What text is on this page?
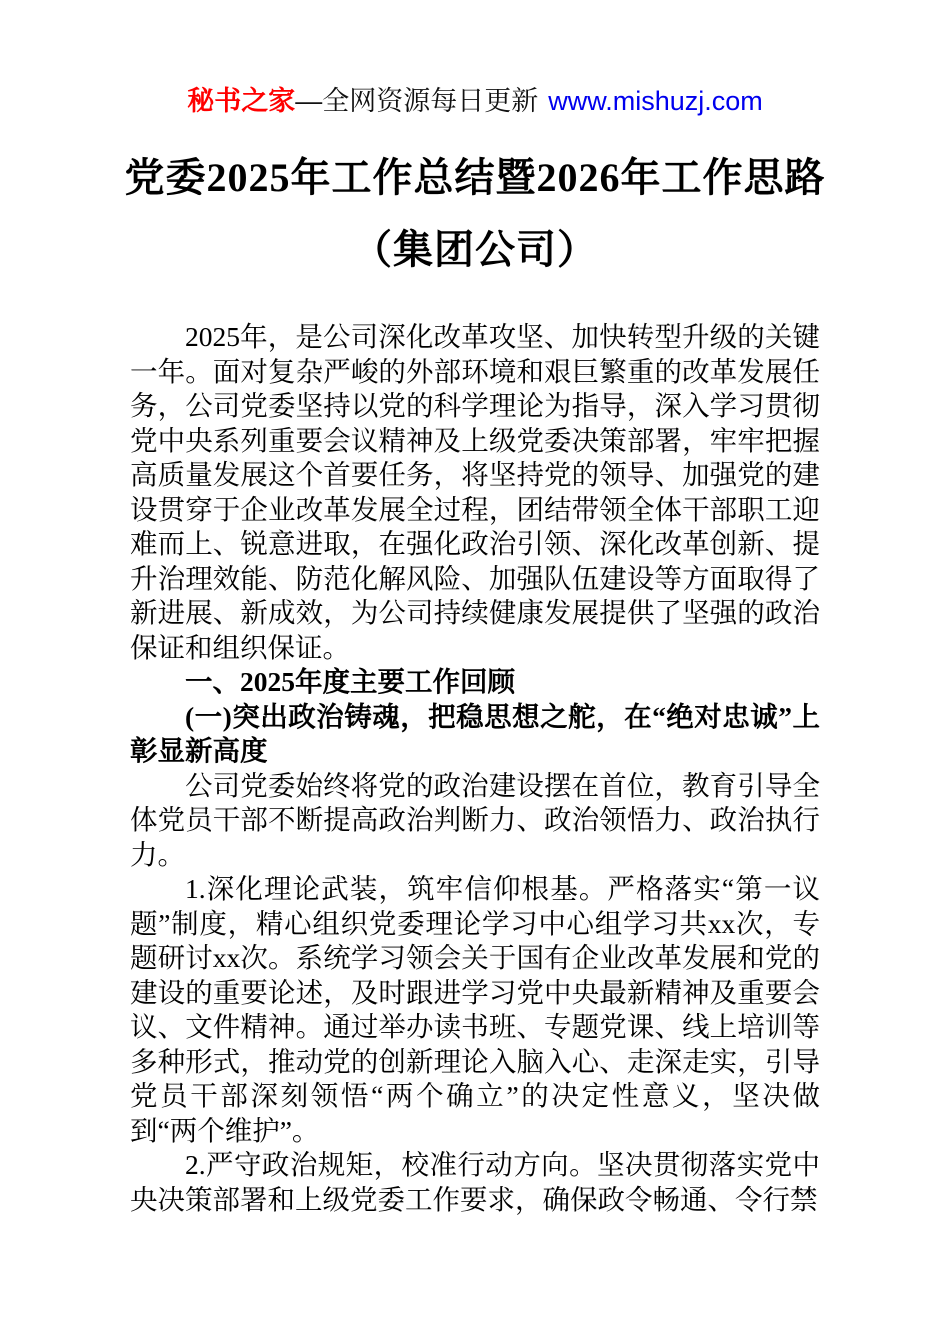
秘书之家—全网资源每日更新 www.mishuzj.com
党委2025年工作总结暨2026年工作思路
（集团公司）

2025年，是公司深化改革攻坚、加快转型升级的关键一年。面对复杂严峻的外部环境和艰巨繁重的改革发展任务，公司党委坚持以党的科学理论为指导，深入学习贯彻党中央系列重要会议精神及上级党委决策部署，牢牢把握高质量发展这个首要任务，将坚持党的领导、加强党的建设贯穿于企业改革发展全过程，团结带领全体干部职工迎难而上、锐意进取，在强化政治引领、深化改革创新、提升治理效能、防范化解风险、加强队伍建设等方面取得了新进展、新成效，为公司持续健康发展提供了坚强的政治保证和组织保证。

一、2025年度主要工作回顾

(一)突出政治铸魂，把稳思想之舵，在“绝对忠诚”上彰显新高度

公司党委始终将党的政治建设摆在首位，教育引导全体党员干部不断提高政治判断力、政治领悟力、政治执行力。

1.深化理论武装，筑牢信仰根基。严格落实“第一议题”制度，精心组织党委理论学习中心组学习共xx次，专题研讨xx次。系统学习领会关于国有企业改革发展和党的建设的重要论述，及时跟进学习党中央最新精神及重要会议、文件精神。通过举办读书班、专题党课、线上培训等多种形式，推动党的创新理论入脑入心、走深走实，引导党员干部深刻领悟“两个确立”的决定性意义，坚决做到“两个维护”。

2.严守政治规矩，校准行动方向。坚决贯彻落实党中央决策部署和上级党委工作要求，确保政令畅通、令行禁
